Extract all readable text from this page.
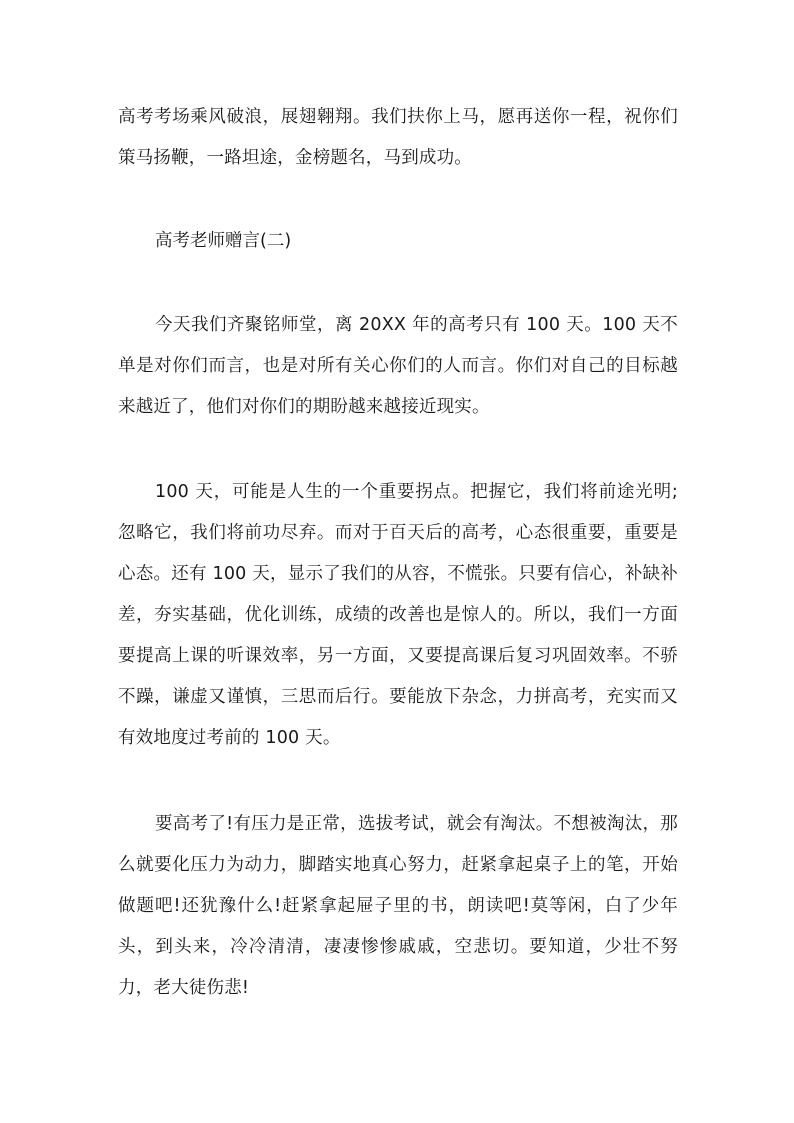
高考考场乘风破浪，展翅翱翔。我们扶你上马，愿再送你一程，祝你们策马扬鞭，一路坦途，金榜题名，马到成功。

高考老师赠言(二)

今天我们齐聚铭师堂，离 20XX 年的高考只有 100 天。100 天不单是对你们而言，也是对所有关心你们的人而言。你们对自己的目标越来越近了，他们对你们的期盼越来越接近现实。

100 天，可能是人生的一个重要拐点。把握它，我们将前途光明;忽略它，我们将前功尽弃。而对于百天后的高考，心态很重要，重要是心态。还有 100 天，显示了我们的从容，不慌张。只要有信心，补缺补差，夯实基础，优化训练，成绩的改善也是惊人的。所以，我们一方面要提高上课的听课效率，另一方面，又要提高课后复习巩固效率。不骄不躁，谦虚又谨慎，三思而后行。要能放下杂念，力拼高考，充实而又有效地度过考前的 100 天。

要高考了!有压力是正常，选拔考试，就会有淘汰。不想被淘汰，那么就要化压力为动力，脚踏实地真心努力，赶紧拿起桌子上的笔，开始做题吧!还犹豫什么!赶紧拿起屉子里的书，朗读吧!莫等闲，白了少年头，到头来，冷冷清清，凄凄惨惨戚戚，空悲切。要知道，少壮不努力，老大徒伤悲!
